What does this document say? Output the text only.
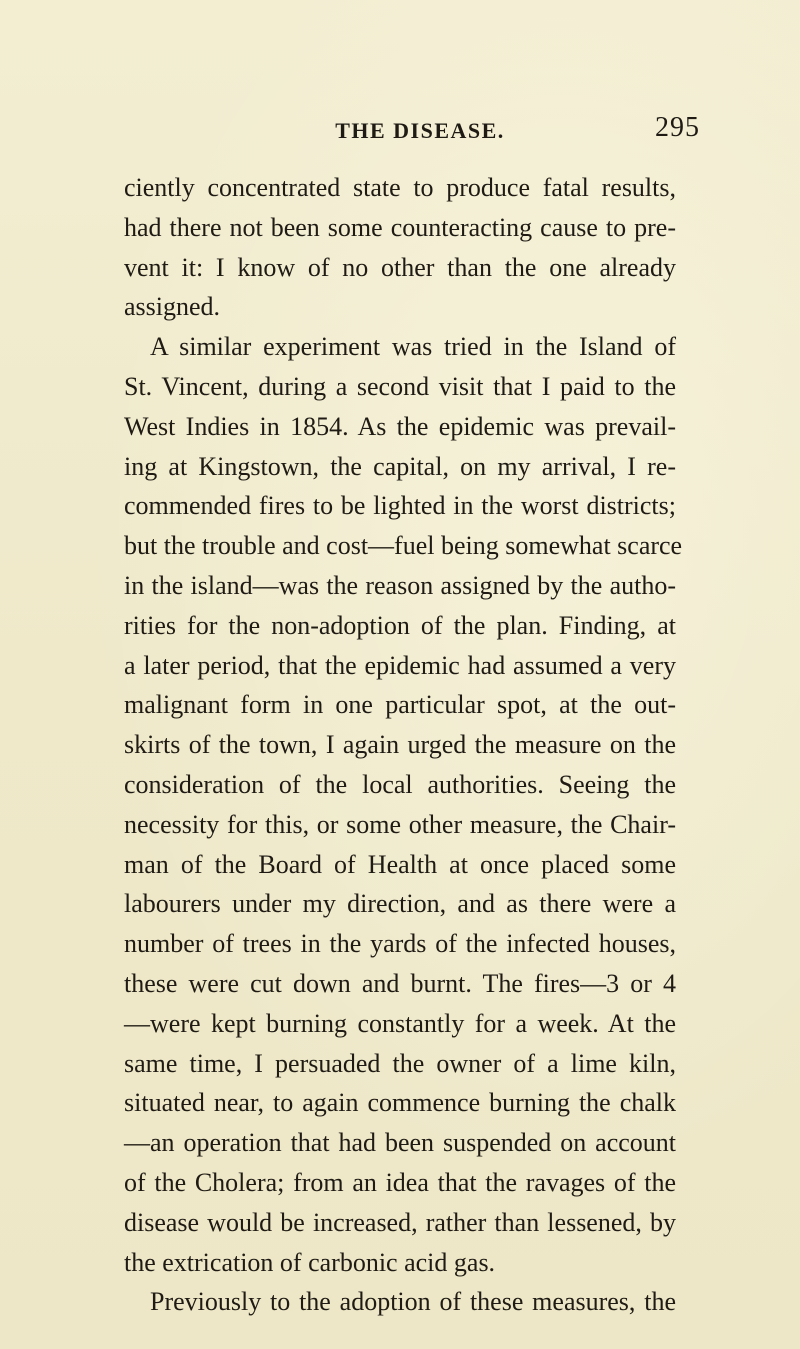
THE DISEASE.	295
ciently concentrated state to produce fatal results,
had there not been some counteracting cause to pre-
vent it: I know of no other than the one already
assigned.
A similar experiment was tried in the Island of
St. Vincent, during a second visit that I paid to the
West Indies in 1854. As the epidemic was prevail-
ing at Kingstown, the capital, on my arrival, I re-
commended fires to be lighted in the worst districts;
but the trouble and cost—fuel being somewhat scarce
in the island—was the reason assigned by the autho-
rities for the non-adoption of the plan. Finding, at
a later period, that the epidemic had assumed a very
malignant form in one particular spot, at the out-
skirts of the town, I again urged the measure on the
consideration of the local authorities. Seeing the
necessity for this, or some other measure, the Chair-
man of the Board of Health at once placed some
labourers under my direction, and as there were a
number of trees in the yards of the infected houses,
these were cut down and burnt. The fires—3 or 4
—were kept burning constantly for a week. At the
same time, I persuaded the owner of a lime kiln,
situated near, to again commence burning the chalk
—an operation that had been suspended on account
of the Cholera; from an idea that the ravages of the
disease would be increased, rather than lessened, by
the extrication of carbonic acid gas.
Previously to the adoption of these measures, the
